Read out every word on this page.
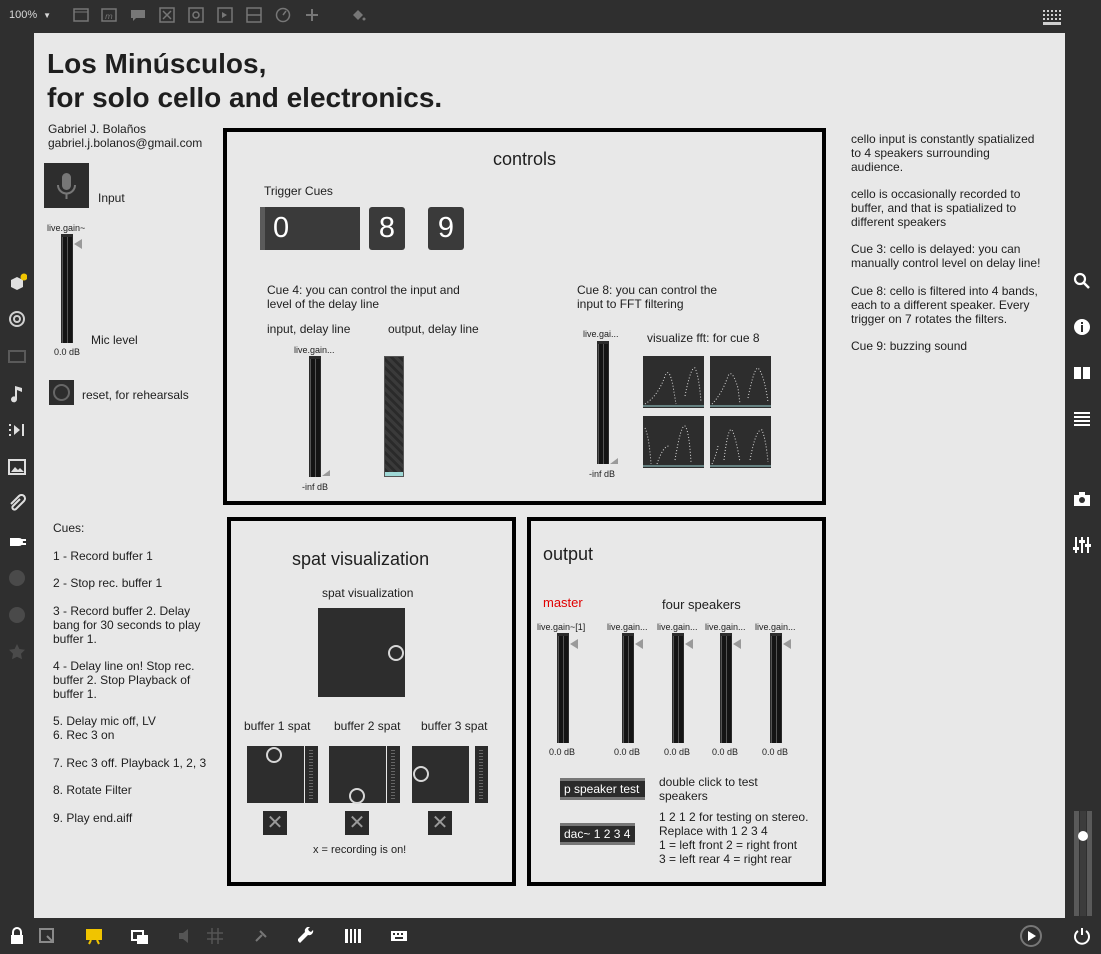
100% ▼	m
Los Minúsculos,
for solo cello and electronics.
Gabriel J. Bolaños
gabriel.j.bolanos@gmail.com
Input
live.gain~
0.0 dB
Mic level
reset, for rehearsals
Cues:
1 - Record buffer 1
2 - Stop rec. buffer 1
3 - Record buffer 2. Delay
bang for 30 seconds to play
buffer 1.
4 - Delay line on! Stop rec.
buffer 2. Stop Playback of
buffer 1.
5. Delay mic off, LV
6. Rec 3 on
7. Rec 3 off. Playback 1, 2, 3
8. Rotate Filter
9. Play end.aiff
controls
Trigger Cues
0	8	9
Cue 4: you can control the input and
level of the delay line
input, delay line	output, delay line
live.gain...
-inf dB
Cue 8: you can control the
input to FFT filtering
live.gai...
-inf dB
visualize fft: for cue 8
cello input is constantly spatialized
to 4 speakers surrounding
audience.
cello is occasionally recorded to
buffer, and that is spatialized to
different speakers
Cue 3: cello is delayed: you can
manually control level on delay line!
Cue 8: cello is filtered into 4 bands,
each to a different speaker. Every
trigger on 7 rotates the filters.
Cue 9: buzzing sound
spat visualization
spat visualization
buffer 1 spat buffer 2 spat buffer 3 spat
✕	✕	✕
x = recording is on!
output
master	four speakers
live.gain~[1] live.gain... live.gain... live.gain... live.gain...
0.0 dB	0.0 dB	0.0 dB 0.0 dB	0.0 dB
p speaker test	double click to test
speakers
dac~ 1 2 3 4
1 2 1 2 for testing on stereo.
Replace with 1 2 3 4
1 = left front 2 = right front
3 = left rear 4 = right rear
